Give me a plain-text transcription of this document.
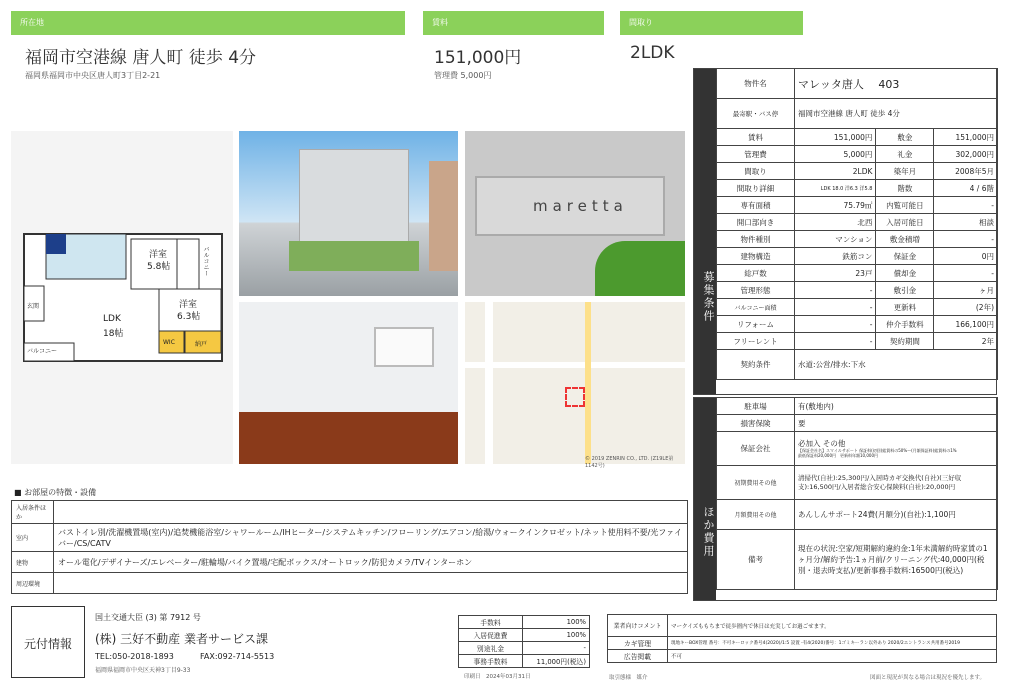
所在地	賃料	間取り
福岡市空港線 唐人町 徒歩 4分
福岡県福岡市中央区唐人町3丁目2-21
151,000円
管理費 5,000円
2LDK
洋室
5.8帖
洋室
6.3帖
LDK
18帖
玄関
バルコニー
バルコニー
WIC	納戸
maretta
© 2019 ZENRIN CO., LTD. (Z19LE第1142号)
募集条件
物件名	マレッタ唐人　 403		
最寄駅・バス停	福岡市空港線 唐人町 徒歩 4分		
賃料	151,000円	敷金	151,000円
管理費	5,000円	礼金	302,000円
間取り	2LDK	築年月	2008年5月
間取り詳細	LDK 18.0 洋6.3 洋5.8	階数	4 / 6階
専有面積	75.79㎡	内覧可能日	-
開口部向き	北西	入居可能日	相談
物件種別	マンション	敷金積増	-
建物構造	鉄筋コン	保証金	0円
総戸数	23戸	償却金	-
管理形態	-	敷引金	ヶ月
バルコニー面積	-	更新料	(2年)
リフォーム	-	仲介手数料	166,100円
フリーレント	-	契約期間	2年
契約条件	水道:公営/排水:下水		
ほか費用
駐車場	有(敷地内)
損害保険	要
保証会社	必加入 その他
【保証会社名】スマイルサポート 保証料(初回)総賃料の50%〜(月額保証料)総賃料の1%
最低保証料20,000円　更新料年額10,000円

初期費用その他	清掃代(自社):25,300円/入居時カギ交換代(自社)(三好収支):16,500円/入居者総合安心保険料(自社):20,000円
月額費用その他	あんしんサポート24費(月額分)(自社):1,100円
備考	現在の状況:空家/短期解約違約金:1年未満解約時家賃の1ヶ月分/解約予告:1ヵ月前/クリーニング代:40,000円(税別・退去時支払)/更新事務手数料:16500円(税込)
■ お部屋の特徴・設備
入居条件ほか	
室内	バストイレ別/洗濯機置場(室内)/追焚機能浴室/シャワールーム/IHヒーター/システムキッチン/フローリング/エアコン/給湯/ウォークインクロゼット/ネット使用料不要/光ファイバー/CS/CATV
建物	オール電化/デザイナーズ/エレベーター/駐輪場/バイク置場/宅配ボックス/オートロック/防犯カメラ/TVインターホン
周辺環境	
元付情報
国土交通大臣 (3) 第 7912 号
(株) 三好不動産 業者サービス課
TEL:050-2018-1893	FAX:092-714-5513
福岡県福岡市中央区天神3丁目9-33
手数料	100%
入居促進費	100%
別途礼金	-
事務手数料	11,000円(税込)
印刷日　2024年03月31日
業者向けコメント	マークイズももちまで徒歩圏内で休日は充実してお過ごせます。
カギ管理	現地キーBOX管理 番号：不可キーロック番号4(2020)/1:5 設置 -有4(2020)番号：1ゴミキーラン以外あり 2020/2エントランス共用番号2019
広告掲載	不可
取引態様　媒介	図面と現況が異なる場合は現況を優先します。
